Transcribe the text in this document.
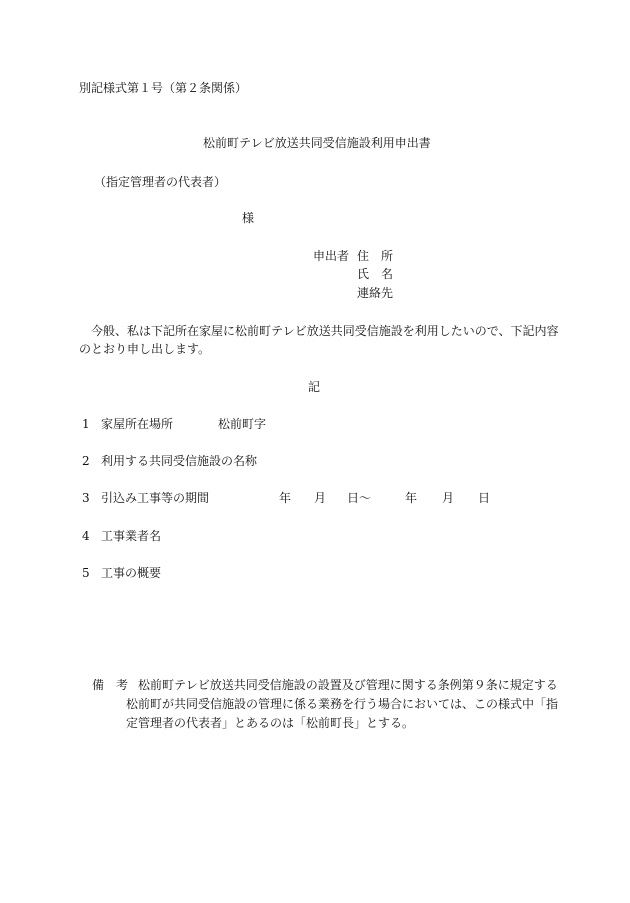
別記様式第１号（第２条関係）
松前町テレビ放送共同受信施設利用申出書
（指定管理者の代表者）
様
申出者 住　所
氏　名
連絡先
今般、私は下記所在家屋に松前町テレビ放送共同受信施設を利用したいので、下記内容
のとおり申し出します。
記
1 家屋所在場所	松前町字
2 利用する共同受信施設の名称
3 引込み工事等の期間	年 月 日～	年 月 日
4 工事業者名
5 工事の概要
備　考 松前町テレビ放送共同受信施設の設置及び管理に関する条例第９条に規定する
松前町が共同受信施設の管理に係る業務を行う場合においては、この様式中「指
定管理者の代表者」とあるのは「松前町長」とする。
